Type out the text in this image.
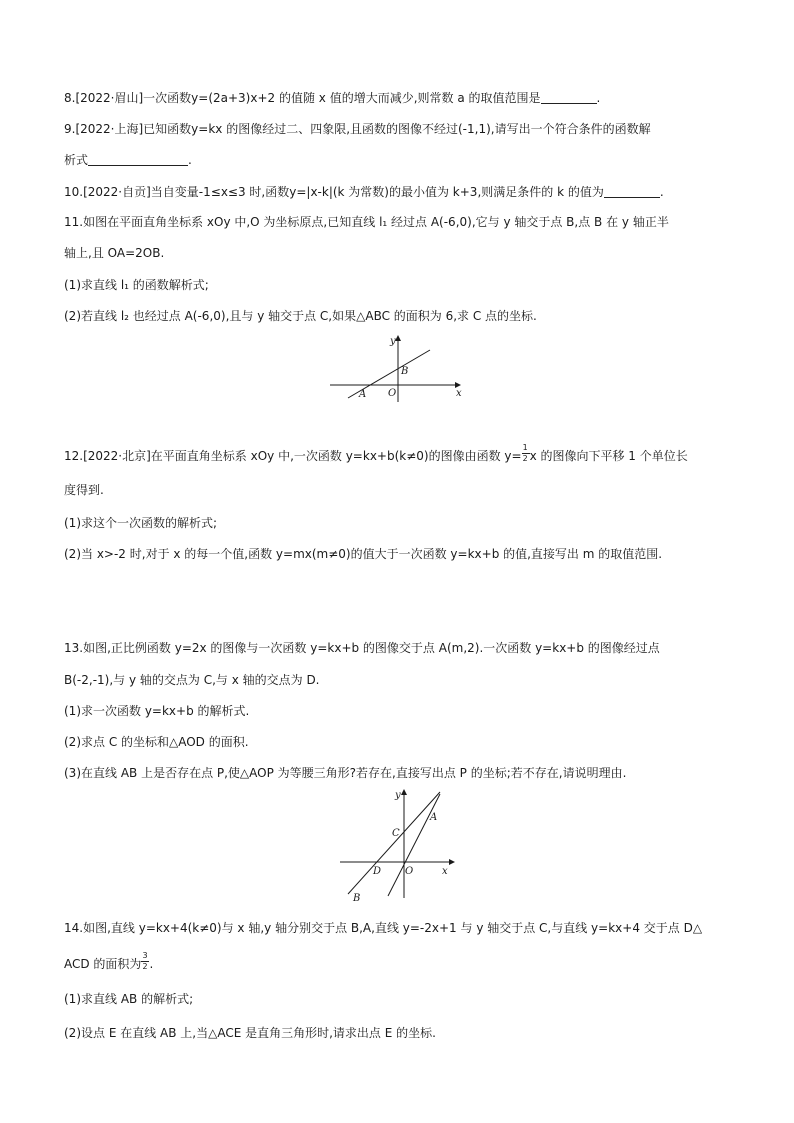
8.[2022·眉山]一次函数y=(2a+3)x+2 的值随 x 值的增大而减少,则常数 a 的取值范围是	.
9.[2022·上海]已知函数y=kx 的图像经过二、四象限,且函数的图像不经过(-1,1),请写出一个符合条件的函数解
析式	.
10.[2022·自贡]当自变量-1≤x≤3 时,函数y=|x-k|(k 为常数)的最小值为 k+3,则满足条件的 k 的值为	.
11.如图在平面直角坐标系 xOy 中,O 为坐标原点,已知直线 l₁ 经过点 A(-6,0),它与 y 轴交于点 B,点 B 在 y 轴正半
轴上,且 OA=2OB.
(1)求直线 l₁ 的函数解析式;
(2)若直线 l₂ 也经过点 A(-6,0),且与 y 轴交于点 C,如果△ABC 的面积为 6,求 C 点的坐标.
y
x
A
B
O
12.[2022·北京]在平面直角坐标系 xOy 中,一次函数 y=kx+b(k≠0)的图像由函数 $y= \frac{1}{2}$ x 的图像向下平移 1 个单位长
度得到.
(1)求这个一次函数的解析式;
(2)当 x>-2 时,对于 x 的每一个值,函数 y=mx(m≠0)的值大于一次函数 y=kx+b 的值,直接写出 m 的取值范围.
13.如图,正比例函数 y=2x 的图像与一次函数 y=kx+b 的图像交于点 A(m,2).一次函数 y=kx+b 的图像经过点
B(-2,-1),与 y 轴的交点为 C,与 x 轴的交点为 D.
(1)求一次函数 y=kx+b 的解析式.
(2)求点 C 的坐标和△AOD 的面积.
(3)在直线 AB 上是否存在点 P,使△AOP 为等腰三角形?若存在,直接写出点 P 的坐标;若不存在,请说明理由.
y
x
A
B
C
D O
14.如图,直线 y=kx+4(k≠0)与 x 轴,y 轴分别交于点 B,A,直线 y=-2x+1 与 y 轴交于点 C,与直线 y=kx+4 交于点 D△
ACD 的面积为 $\frac{3}{2}$ .
(1)求直线 AB 的解析式;
(2)设点 E 在直线 AB 上,当△ACE 是直角三角形时,请求出点 E 的坐标.
